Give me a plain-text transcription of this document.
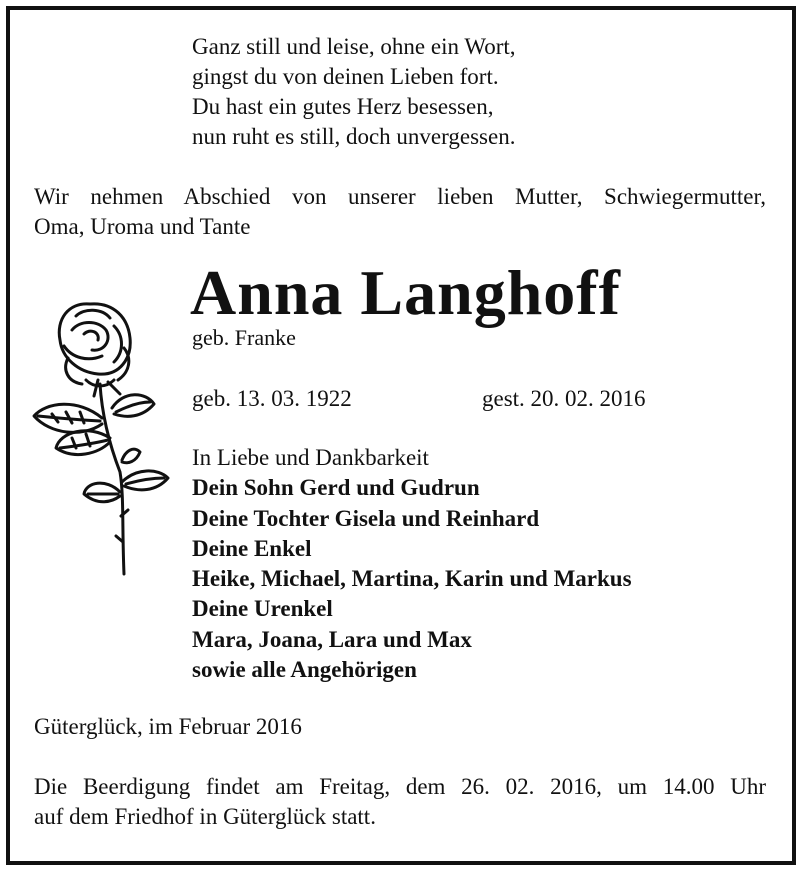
Ganz still und leise, ohne ein Wort,
gingst du von deinen Lieben fort.
Du hast ein gutes Herz besessen,
nun ruht es still, doch unvergessen.
Wir nehmen Abschied von unserer lieben Mutter, Schwiegermutter,
Oma, Uroma und Tante
Anna Langhoff
geb. Franke
geb. 13. 03. 1922	gest. 20. 02. 2016
In Liebe und Dankbarkeit
Dein Sohn Gerd und Gudrun
Deine Tochter Gisela und Reinhard
Deine Enkel
Heike, Michael, Martina, Karin und Markus
Deine Urenkel
Mara, Joana, Lara und Max
sowie alle Angehörigen
Güterglück, im Februar 2016
Die Beerdigung findet am Freitag, dem 26. 02. 2016, um 14.00 Uhr
auf dem Friedhof in Güterglück statt.
